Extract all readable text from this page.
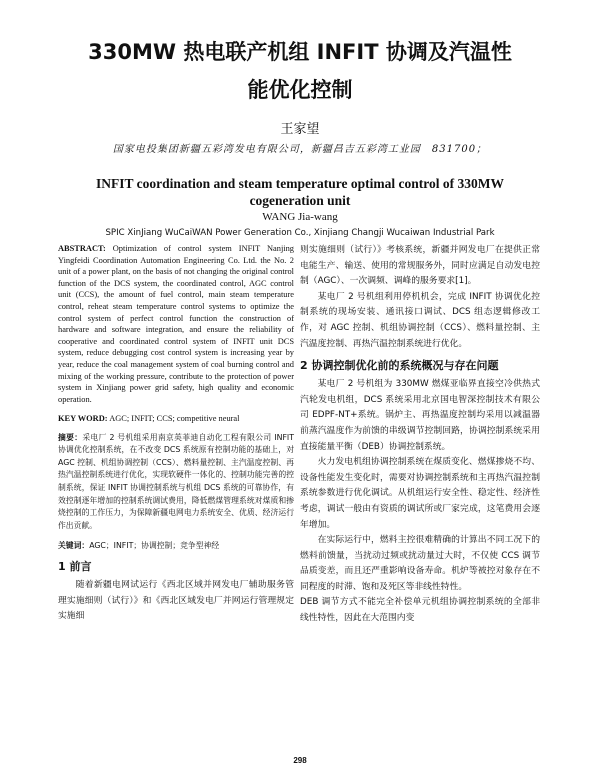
330MW 热电联产机组 INFIT 协调及汽温性
能优化控制
王家望
国家电投集团新疆五彩湾发电有限公司，新疆昌吉五彩湾工业园　831700；
INFIT coordination and steam temperature optimal control of 330MW
cogeneration unit
WANG Jia-wang
SPIC XinJiang WuCaiWAN Power Generation Co., Xinjiang Changji Wucaiwan Industrial Park

ABSTRACT: Optimization of control system INFIT Nanjing Yingfeidi Coordination Automation Engineering Co. Ltd. the No. 2 unit of a power plant, on the basis of not changing the original control function of the DCS system, the coordinated control, AGC control unit (CCS), the amount of fuel control, main steam temperature control, reheat steam temperature control systems to optimize the control system of perfect control function the construction of hardware and software integration, and ensure the reliability of cooperative and coordinated control system of INFIT unit DCS system, reduce debugging cost control system is increasing year by year, reduce the coal management system of coal burning control and mixing of the working pressure, contribute to the protection of power system in Xinjiang power grid safety, high quality and economic operation.

KEY WORD: AGC; INFIT; CCS; competitive neural

摘要：采电厂 2 号机组采用南京英菲迪自动化工程有限公司 INFIT 协调优化控制系统，在不改变 DCS 系统原有控制功能的基础上，对 AGC 控制、机组协调控制（CCS）、燃料量控制、主汽温度控制、再热汽温控制系统进行优化，实现软硬件一体化的、控制功能完善的控制系统，保证 INFIT 协调控制系统与机组 DCS 系统的可靠协作，有效控制逐年增加的控制系统调试费用，降低燃煤管理系统对煤质和掺烧控制的工作压力，为保障新疆电网电力系统安全、优质、经济运行作出贡献。

关键词：AGC；INFIT；协调控制；竞争型神经

1 前言

随着新疆电网试运行《西北区域并网发电厂辅助服务管理实施细则（试行）》和《西北区域发电厂并网运行管理规定实施细

则实施细则（试行）》考核系统，新疆并网发电厂在提供正常电能生产、输送、使用的常规服务外，同时应满足自动发电控制（AGC）、一次调频、调峰的服务要求[1]。

某电厂 2 号机组利用停机机会，完成 INFIT 协调优化控制系统的现场安装、通讯接口调试、DCS 组态逻辑修改工作，对 AGC 控制、机组协调控制（CCS）、燃料量控制、主汽温度控制、再热汽温控制系统进行优化。

2 协调控制优化前的系统概况与存在问题

某电厂 2 号机组为 330MW 燃煤亚临界直接空冷供热式汽轮发电机组，DCS 系统采用北京国电智深控制技术有限公司 EDPF-NT+系统。锅炉主、再热温度控制均采用以减温器前蒸汽温度作为前馈的串级调节控制回路，协调控制系统采用直接能量平衡（DEB）协调控制系统。

火力发电机组协调控制系统在煤质变化、燃煤掺烧不均、设备性能发生变化时，需要对协调控制系统和主再热汽温控制系统参数进行优化调试。从机组运行安全性、稳定性、经济性考虑，调试一般由有资质的调试所或厂家完成，这笔费用会逐年增加。

在实际运行中，燃料主控很难精确的计算出不同工况下的燃料前馈量，当扰动过频或扰动量过大时，不仅使 CCS 调节品质变差，而且还严重影响设备寿命。机炉等被控对象存在不同程度的时滞、饱和及死区等非线性特性。

DEB 调节方式不能完全补偿单元机组协调控制系统的全部非线性特性，因此在大范围内变

298
